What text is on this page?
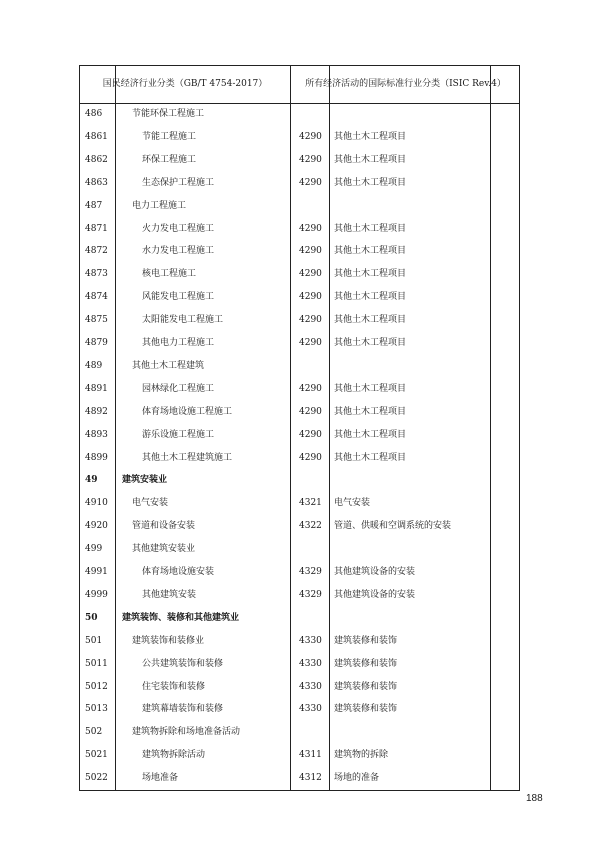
国民经济行业分类（GB/T 4754-2017）	所有经济活动的国际标准行业分类（ISIC Rev.4）
486	节能环保工程施工
4861	节能工程施工	4290 其他土木工程项目
4862	环保工程施工	4290 其他土木工程项目
4863	生态保护工程施工	4290 其他土木工程项目
487	电力工程施工
4871	火力发电工程施工	4290 其他土木工程项目
4872	水力发电工程施工	4290 其他土木工程项目
4873	核电工程施工	4290 其他土木工程项目
4874	风能发电工程施工	4290 其他土木工程项目
4875	太阳能发电工程施工	4290 其他土木工程项目
4879	其他电力工程施工	4290 其他土木工程项目
489	其他土木工程建筑
4891	园林绿化工程施工	4290 其他土木工程项目
4892	体育场地设施工程施工	4290 其他土木工程项目
4893	游乐设施工程施工	4290 其他土木工程项目
4899	其他土木工程建筑施工	4290 其他土木工程项目
49	建筑安装业
4910	电气安装	4321 电气安装
4920	管道和设备安装	4322 管道、供暖和空调系统的安装
499	其他建筑安装业
4991	体育场地设施安装	4329 其他建筑设备的安装
4999	其他建筑安装	4329 其他建筑设备的安装
50	建筑装饰、装修和其他建筑业
501	建筑装饰和装修业	4330 建筑装修和装饰
5011	公共建筑装饰和装修	4330 建筑装修和装饰
5012	住宅装饰和装修	4330 建筑装修和装饰
5013	建筑幕墙装饰和装修	4330 建筑装修和装饰
502	建筑物拆除和场地准备活动
5021	建筑物拆除活动	4311 建筑物的拆除
5022	场地准备	4312 场地的准备
188
